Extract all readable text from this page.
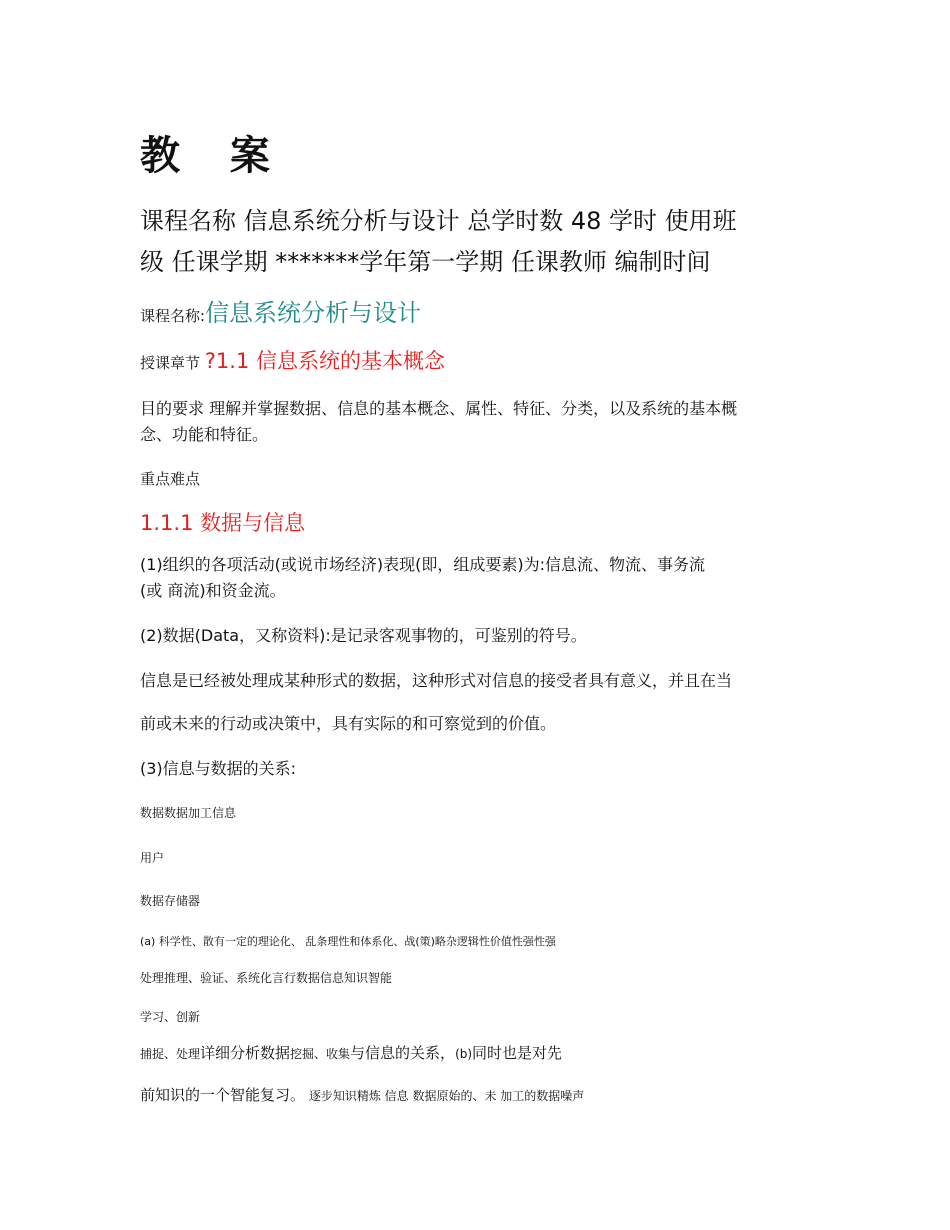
教 案
课程名称 信息系统分析与设计 总学时数 48 学时 使用班
级 任课学期 *******学年第一学期 任课教师 编制时间
课程名称:信息系统分析与设计
授课章节 ?1.1 信息系统的基本概念
目的要求 理解并掌握数据、信息的基本概念、属性、特征、分类，以及系统的基本概
念、功能和特征。
重点难点
1.1.1 数据与信息
(1)组织的各项活动(或说市场经济)表现(即，组成要素)为:信息流、物流、事务流
(或 商流)和资金流。
(2)数据(Data，又称资料):是记录客观事物的，可鉴别的符号。
信息是已经被处理成某种形式的数据，这种形式对信息的接受者具有意义，并且在当
前或未来的行动或决策中，具有实际的和可察觉到的价值。
(3)信息与数据的关系:
数据数据加工信息
用户
数据存储器
(a) 科学性、散有一定的理论化、 乱条理性和体系化、战(策)略杂逻辑性价值性强性强
处理推理、验证、系统化言行数据信息知识智能
学习、创新
捕捉、处理详细分析数据挖掘、收集与信息的关系，(b)同时也是对先
前知识的一个智能复习。 逐步知识精炼 信息 数据原始的、未 加工的数据噪声
